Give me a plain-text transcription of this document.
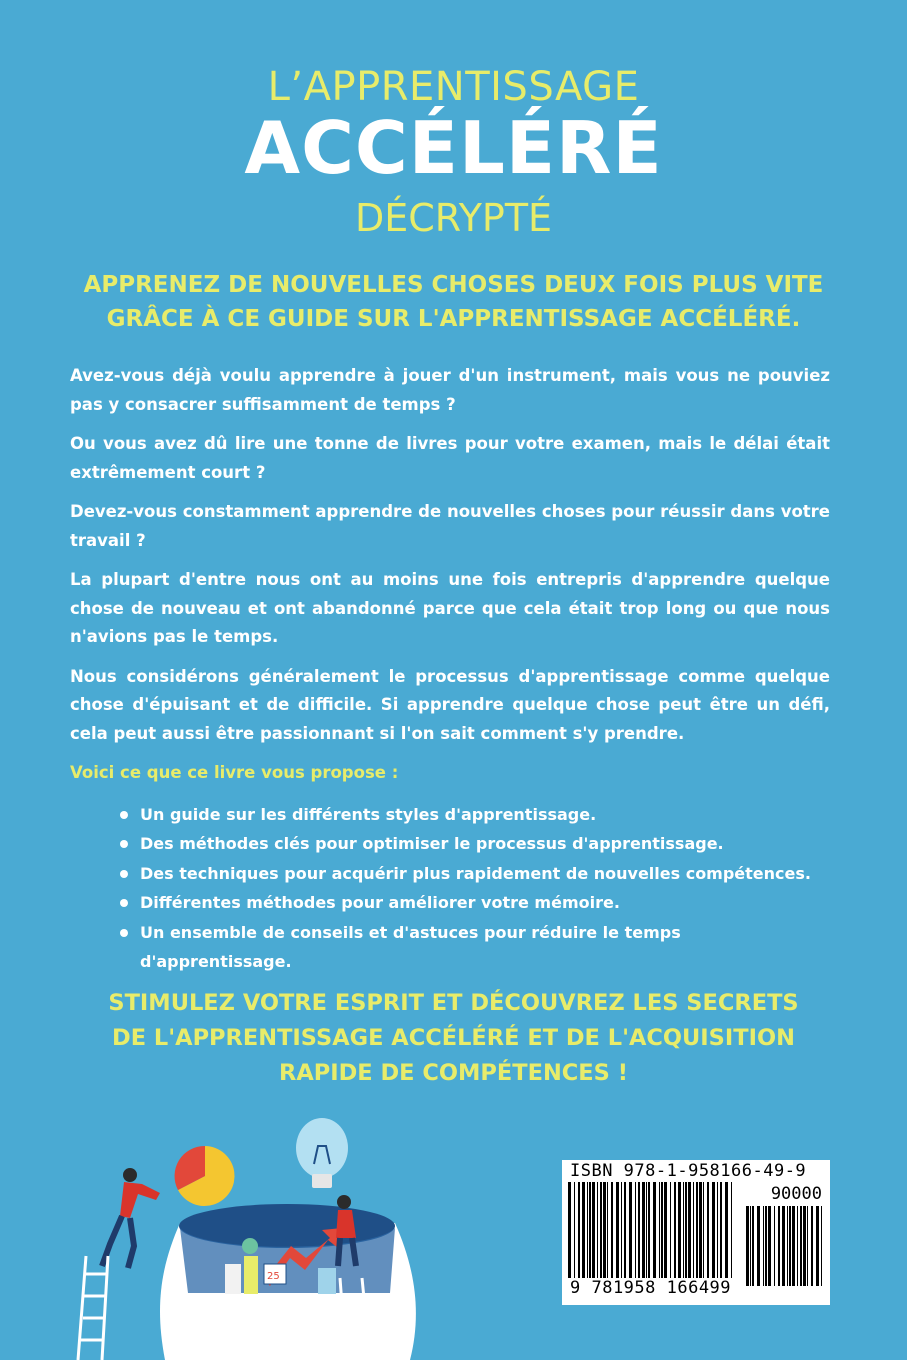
L’APPRENTISSAGE
ACCÉLÉRÉ
DÉCRYPTÉ
APPRENEZ DE NOUVELLES CHOSES DEUX FOIS PLUS VITE
GRÂCE À CE GUIDE SUR L'APPRENTISSAGE ACCÉLÉRÉ.

Avez-vous déjà voulu apprendre à jouer d'un instrument, mais vous ne pouviez pas y consacrer suffisamment de temps ?

Ou vous avez dû lire une tonne de livres pour votre examen, mais le délai était extrêmement court ?

Devez-vous constamment apprendre de nouvelles choses pour réussir dans votre travail ?

La plupart d'entre nous ont au moins une fois entrepris d'apprendre quelque chose de nouveau et ont abandonné parce que cela était trop long ou que nous n'avions pas le temps.

Nous considérons généralement le processus d'apprentissage comme quelque chose d'épuisant et de difficile. Si apprendre quelque chose peut être un défi, cela peut aussi être passionnant si l'on sait comment s'y prendre.

Voici ce que ce livre vous propose :

Un guide sur les différents styles d'apprentissage.
Des méthodes clés pour optimiser le processus d'apprentissage.
Des techniques pour acquérir plus rapidement de nouvelles compétences.
Différentes méthodes pour améliorer votre mémoire.
Un ensemble de conseils et d'astuces pour réduire le temps d'apprentissage.
STIMULEZ VOTRE ESPRIT ET DÉCOUVREZ LES SECRETS
DE L'APPRENTISSAGE ACCÉLÉRÉ ET DE L'ACQUISITION
RAPIDE DE COMPÉTENCES !
25
ISBN 978-1-958166-49-9
90000
9 781958 166499
